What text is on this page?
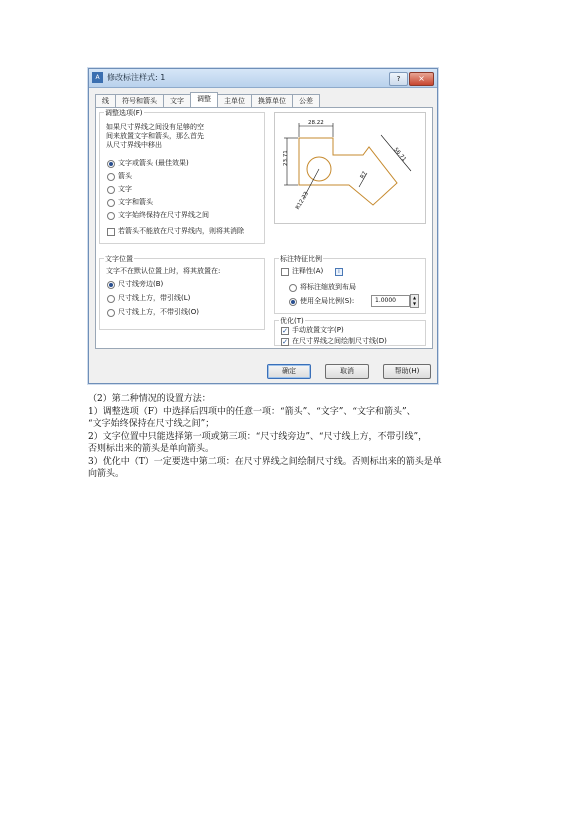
A 修改标注样式: 1	?	×
线	符号和箭头	文字	调整	主单位	换算单位	公差
调整选项(F)
如果尺寸界线之间没有足够的空
间来放置文字和箭头，那么首先
从尺寸界线中移出
文字或箭头 (最佳效果)
箭头
文字
文字和箭头
文字始终保持在尺寸界线之间
若箭头不能放在尺寸界线内，则将其消除
28.22
23.71	56.71
R7
R12.23
文字位置
文字不在默认位置上时，将其放置在:
尺寸线旁边(B)
尺寸线上方，带引线(L)
尺寸线上方，不带引线(O)
标注特征比例
注释性(A)	i
将标注缩放到布局
使用全局比例(S):	1.0000	▲
▼
优化(T)
✓ 手动放置文字(P)
✓ 在尺寸界线之间绘制尺寸线(D)
确定	取消	帮助(H)
（2）第二种情况的设置方法：
1）调整选项（F）中选择后四项中的任意一项：“箭头”、“文字”、“文字和箭头”、
“文字始终保持在尺寸线之间”；
2）文字位置中只能选择第一项或第三项：“尺寸线旁边”、“尺寸线上方，不带引线”，
否则标出来的箭头是单向箭头。
3）优化中（T）一定要选中第二项：在尺寸界线之间绘制尺寸线。否则标出来的箭头是单
向箭头。
